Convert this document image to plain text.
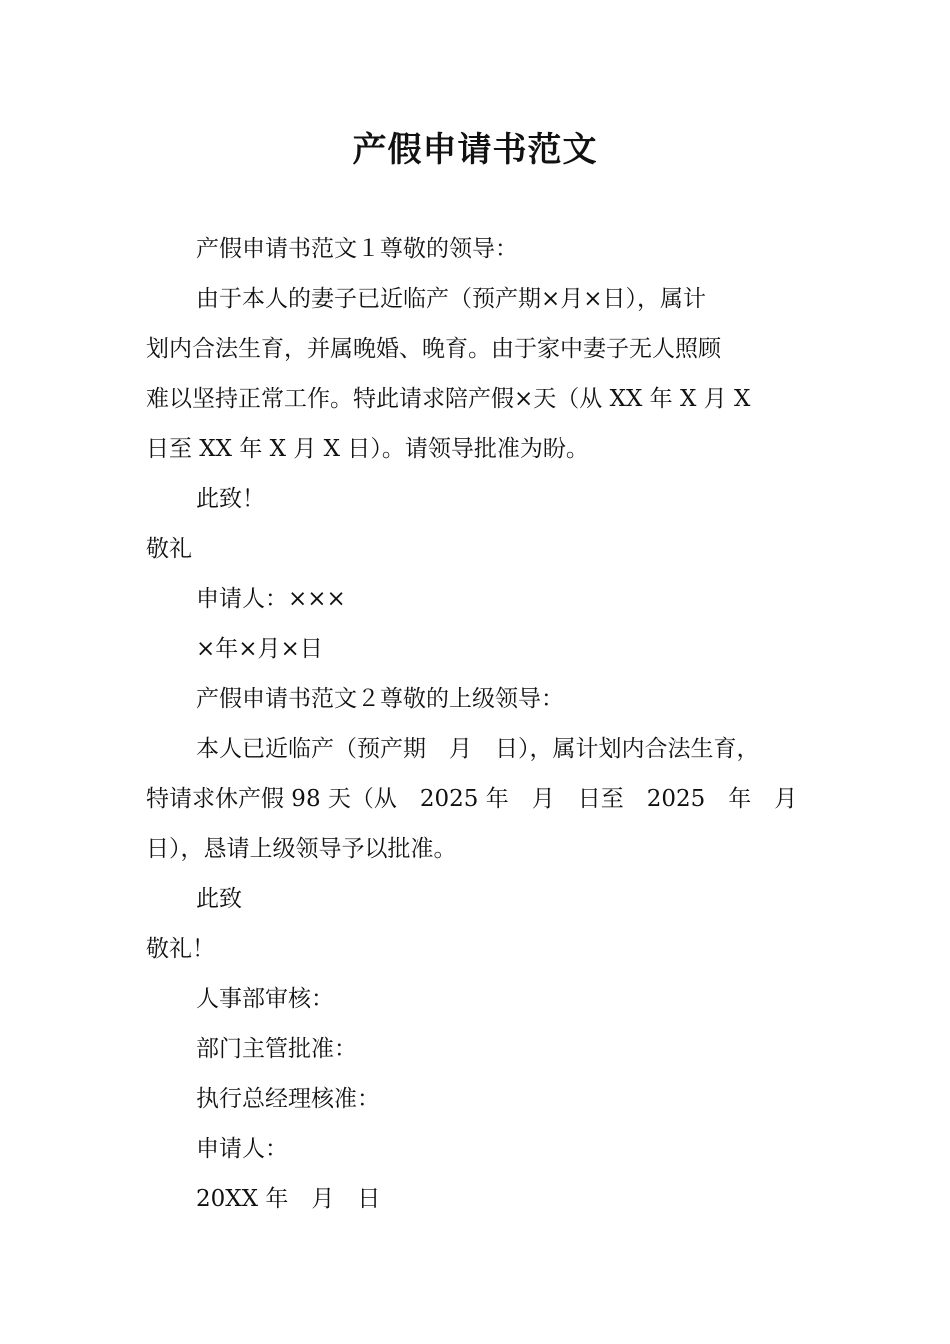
产假申请书范文
产假申请书范文１尊敬的领导：
由于本人的妻子已近临产（预产期×月×日），属计
划内合法生育，并属晚婚、晚育。由于家中妻子无人照顾
难以坚持正常工作。特此请求陪产假×天（从 XX 年 X 月 X
日至 XX 年 X 月 X 日）。请领导批准为盼。
此致！
敬礼
申请人：×××
×年×月×日
产假申请书范文２尊敬的上级领导：
本人已近临产（预产期　月　日），属计划内合法生育，
特请求休产假 98 天（从　2025 年　月　日至　2025　年　月
日），恳请上级领导予以批准。
此致
敬礼！
人事部审核：
部门主管批准：
执行总经理核准：
申请人：
20XX 年　月　日
